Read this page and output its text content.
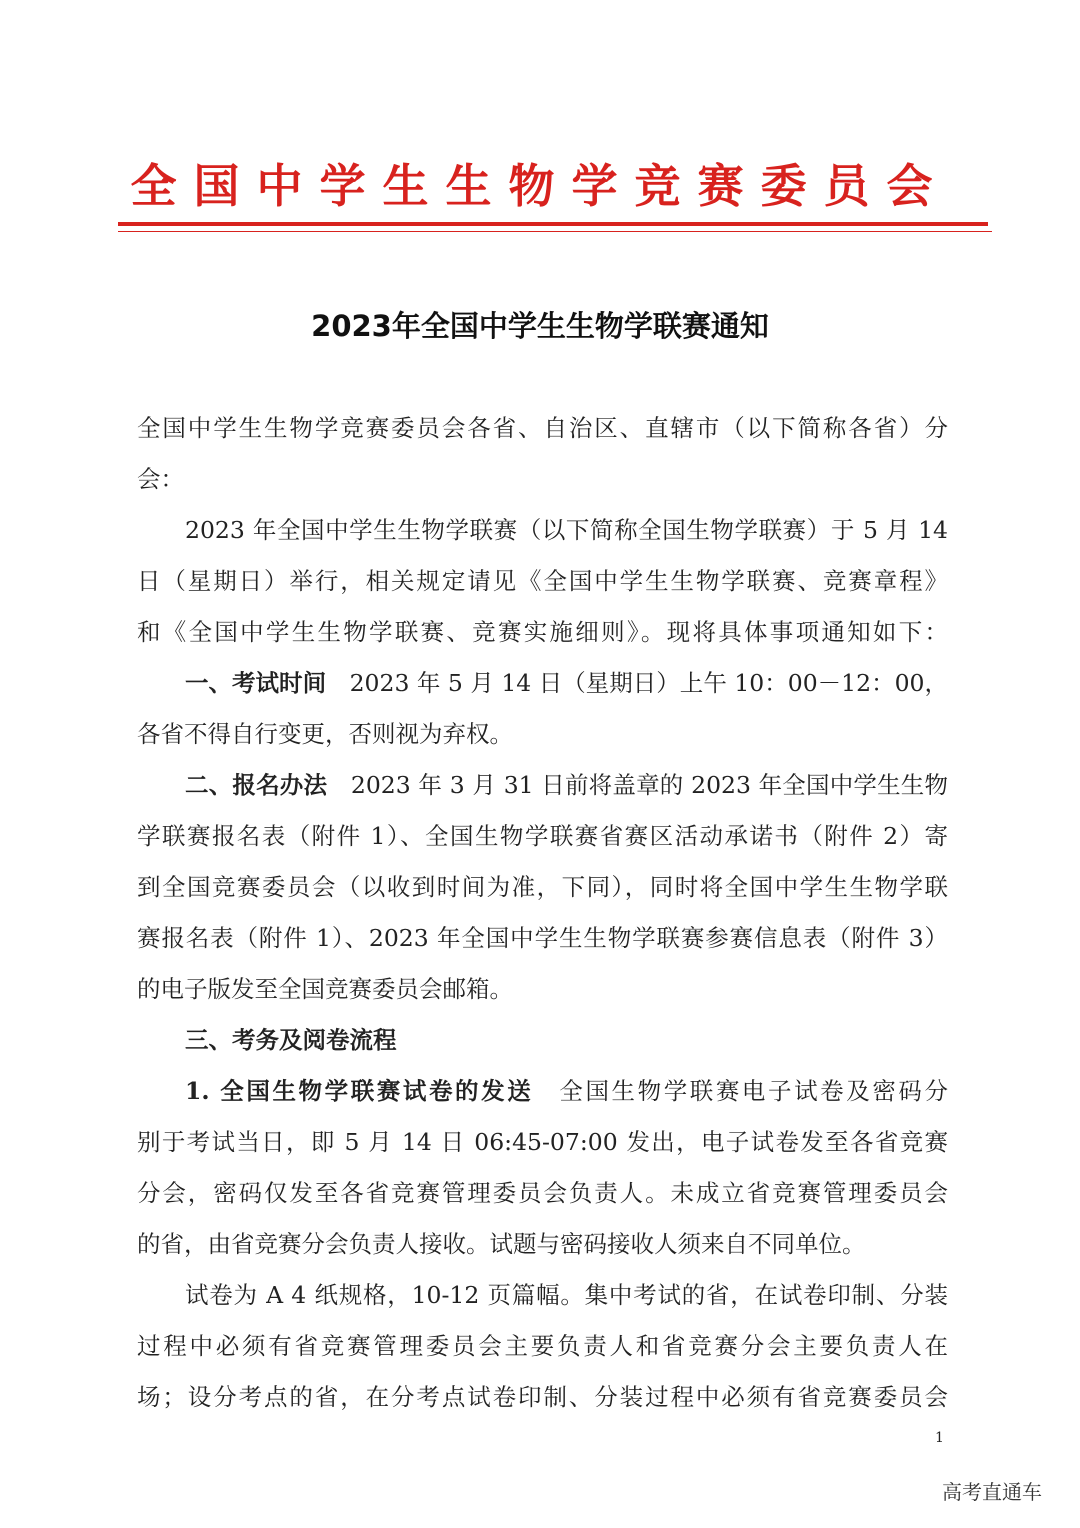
全国中学生生物学竞赛委员会
2023年全国中学生生物学联赛通知
全国中学生生物学竞赛委员会各省、自治区、直辖市（以下简称各省）分
会：
2023 年全国中学生生物学联赛（以下简称全国生物学联赛）于 5 月 14
日（星期日）举行，相关规定请见《全国中学生生物学联赛、竞赛章程》
和《全国中学生生物学联赛、竞赛实施细则》。现将具体事项通知如下：
一、考试时间　2023 年 5 月 14 日（星期日）上午 10：00－12：00，
各省不得自行变更，否则视为弃权。
二、报名办法　2023 年 3 月 31 日前将盖章的 2023 年全国中学生生物
学联赛报名表（附件 1）、全国生物学联赛省赛区活动承诺书（附件 2）寄
到全国竞赛委员会（以收到时间为准，下同），同时将全国中学生生物学联
赛报名表（附件 1）、2023 年全国中学生生物学联赛参赛信息表（附件 3）
的电子版发至全国竞赛委员会邮箱。
三、考务及阅卷流程
1. 全国生物学联赛试卷的发送　全国生物学联赛电子试卷及密码分
别于考试当日，即 5 月 14 日 06:45-07:00 发出，电子试卷发至各省竞赛
分会，密码仅发至各省竞赛管理委员会负责人。未成立省竞赛管理委员会
的省，由省竞赛分会负责人接收。试题与密码接收人须来自不同单位。
试卷为 A 4 纸规格，10-12 页篇幅。集中考试的省，在试卷印制、分装
过程中必须有省竞赛管理委员会主要负责人和省竞赛分会主要负责人在
场；设分考点的省，在分考点试卷印制、分装过程中必须有省竞赛委员会
1
高考直通车
